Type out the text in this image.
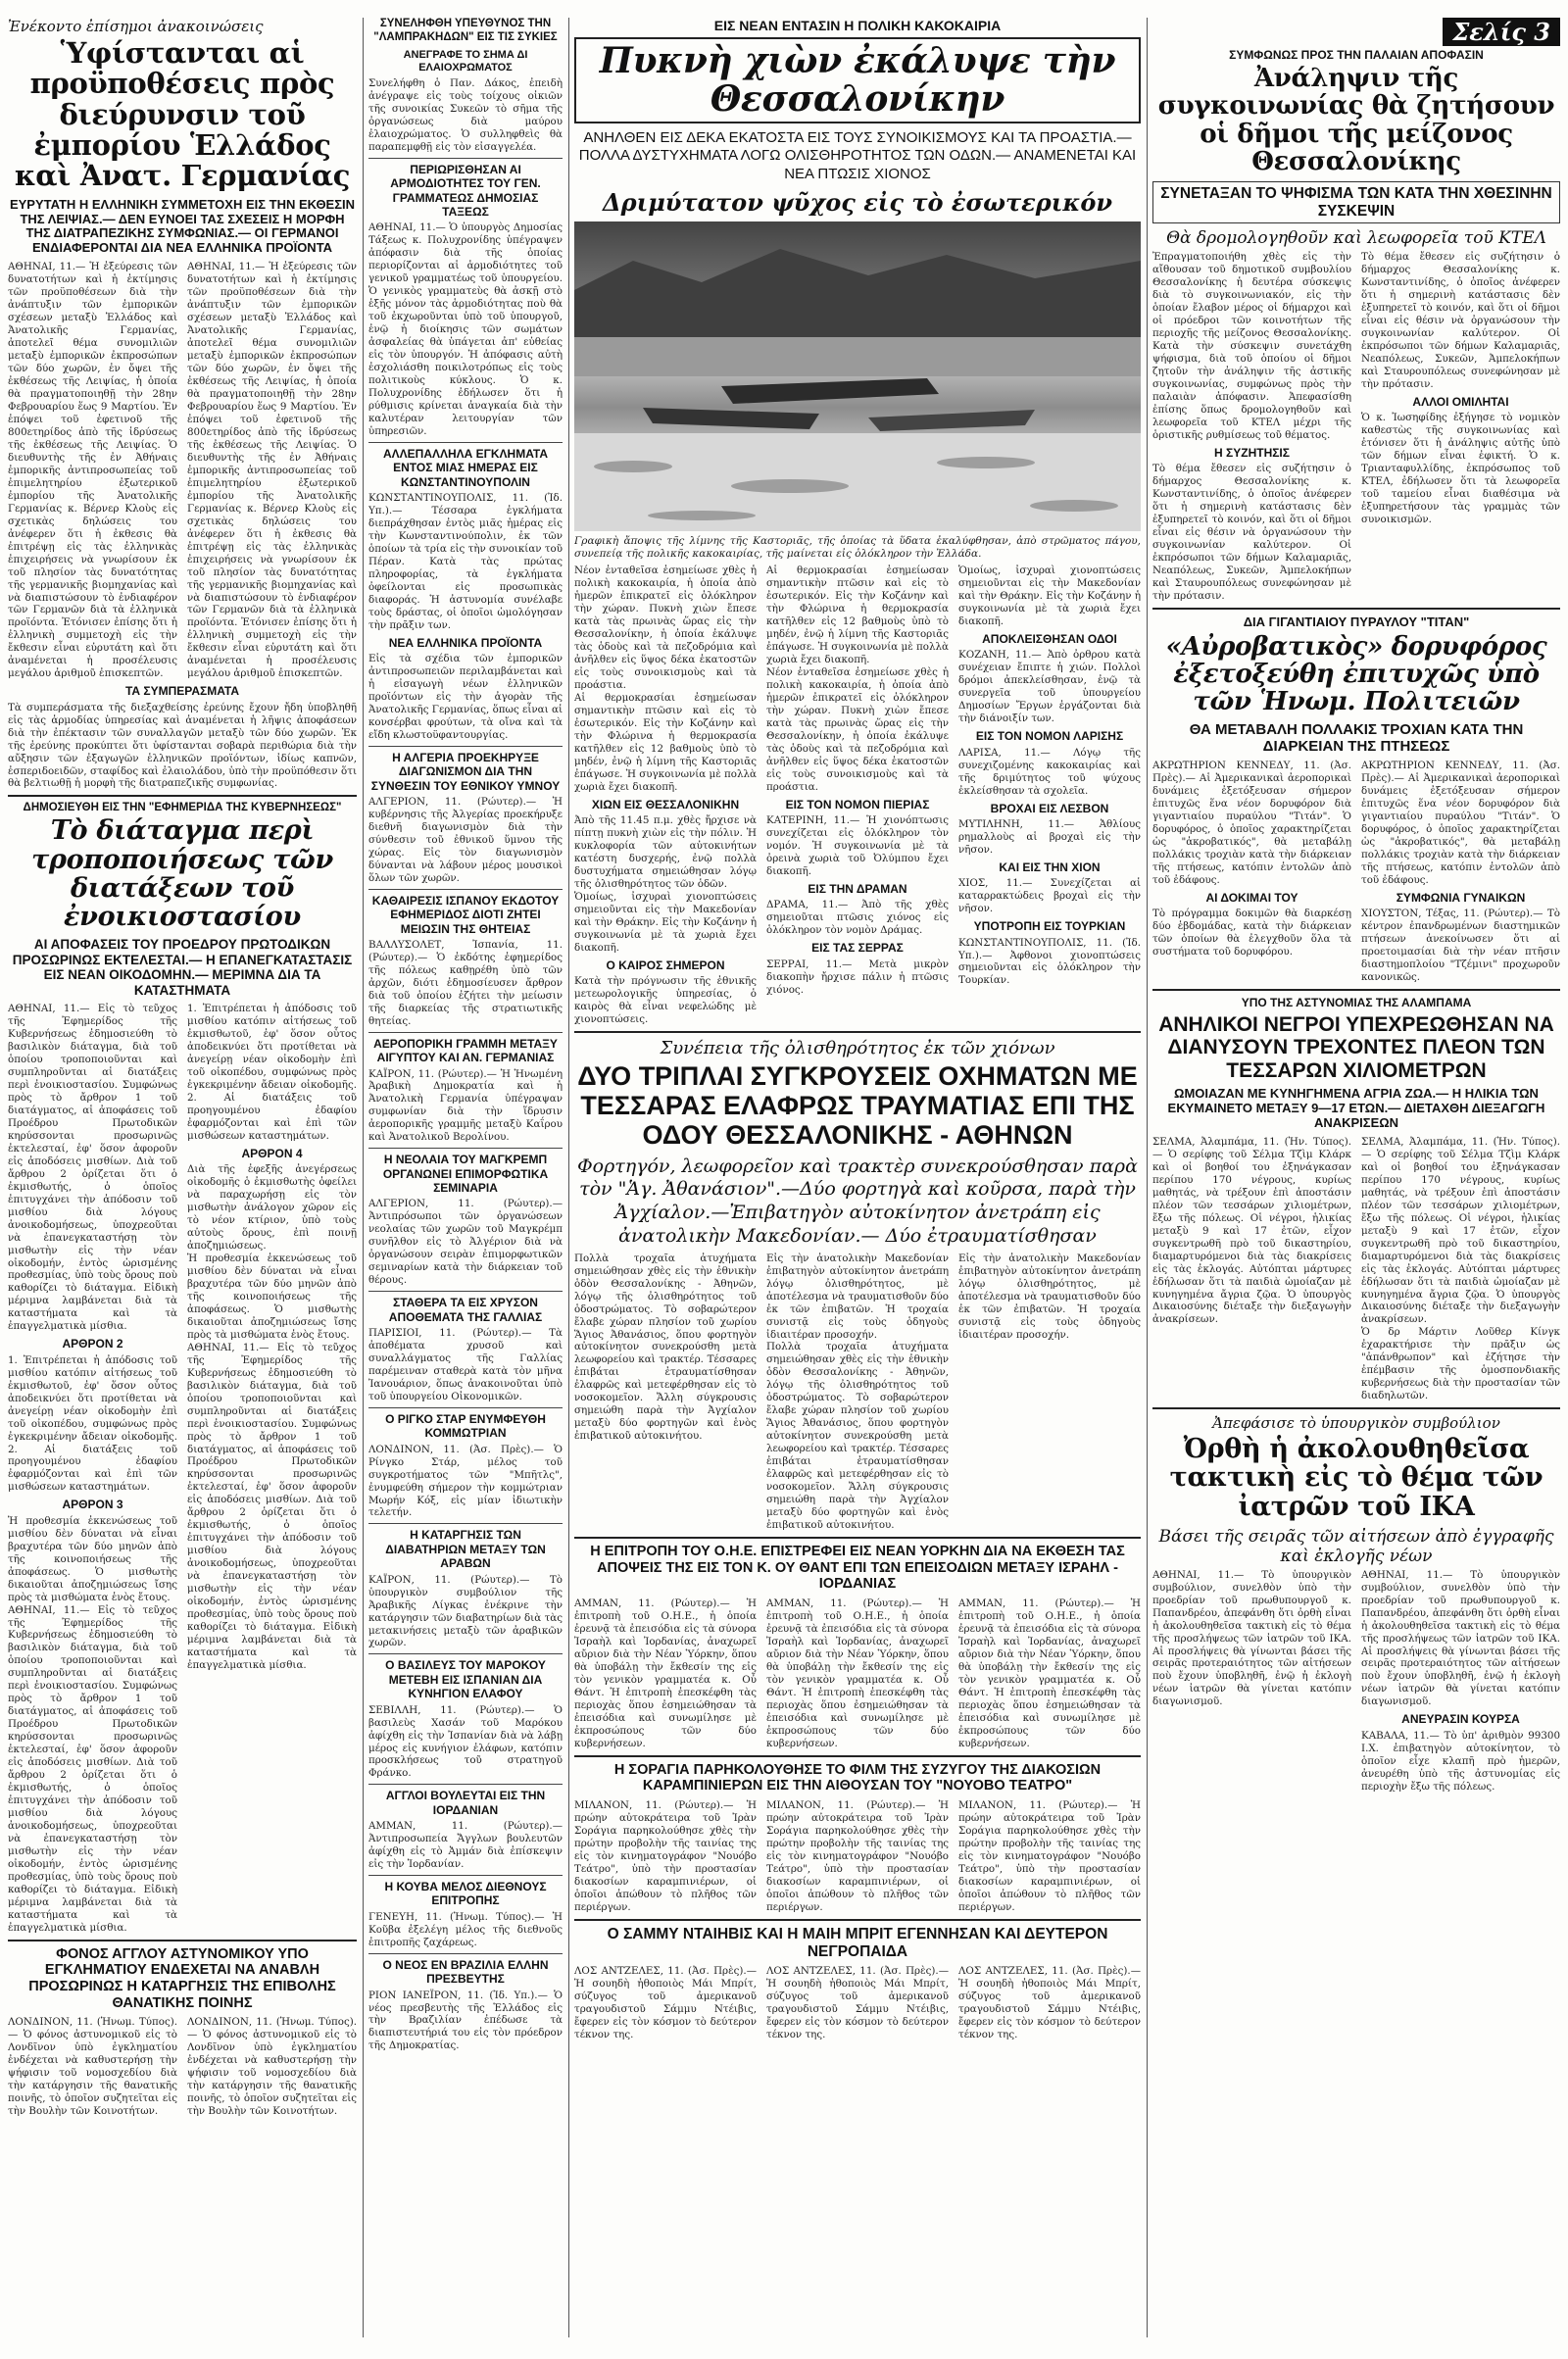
Ἐνέκοντο ἐπίσημοι ἀνακοινώσεις

Ὑφίστανται αἱ προϋποθέσεις πρὸς διεύρυνσιν τοῦ ἐμπορίου Ἑλλάδος καὶ Ἀνατ. Γερμανίας

ΕΥΡΥΤΑΤΗ Η ΕΛΛΗΝΙΚΗ ΣΥΜΜΕΤΟΧΗ ΕΙΣ ΤΗΝ ΕΚΘΕΣΙΝ ΤΗΣ ΛΕΙΨΙΑΣ.— ΔΕΝ ΕΥΝΟΕΙ ΤΑΣ ΣΧΕΣΕΙΣ Η ΜΟΡΦΗ ΤΗΣ ΔΙΑΤΡΑΠΕΖΙΚΗΣ ΣΥΜΦΩΝΙΑΣ.— ΟΙ ΓΕΡΜΑΝΟΙ ΕΝΔΙΑΦΕΡΟΝΤΑΙ ΔΙΑ ΝΕΑ ΕΛΛΗΝΙΚΑ ΠΡΟΪΟΝΤΑ

ΑΘΗΝΑΙ, 11.— Ἡ ἐξεύρεσις τῶν δυνατοτήτων καὶ ἡ ἐκτίμησις τῶν προϋποθέσεων διὰ τὴν ἀνάπτυξιν τῶν ἐμπορικῶν σχέσεων μεταξὺ Ἑλλάδος καὶ Ἀνατολικῆς Γερμανίας, ἀποτελεῖ θέμα συνομιλιῶν μεταξὺ ἐμπορικῶν ἐκπροσώπων τῶν δύο χωρῶν, ἐν ὄψει τῆς ἐκθέσεως τῆς Λειψίας, ἡ ὁποία θὰ πραγματοποιηθῇ τὴν 28ην Φεβρουαρίου ἕως 9 Μαρτίου. Ἐν ἐπόψει τοῦ ἐφετινοῦ τῆς 800ετηρίδος ἀπὸ τῆς ἱδρύσεως τῆς ἐκθέσεως τῆς Λειψίας. Ὁ διευθυντὴς τῆς ἐν Ἀθήναις ἐμπορικῆς ἀντιπροσωπείας τοῦ ἐπιμελητηρίου ἐξωτερικοῦ ἐμπορίου τῆς Ἀνατολικῆς Γερμανίας κ. Βέρνερ Κλοὺς εἰς σχετικὰς δηλώσεις του ἀνέφερεν ὅτι ἡ ἐκθεσις θὰ ἐπιτρέψῃ εἰς τὰς ἐλληνικὰς ἐπιχειρήσεις νὰ γνωρίσουν ἐκ τοῦ πλησίον τὰς δυνατότητας τῆς γερμανικῆς βιομηχανίας καὶ νὰ διαπιστώσουν τὸ ἐνδιαφέρον τῶν Γερμανῶν διὰ τὰ ἐλληνικὰ προϊόντα. Ἐτόνισεν ἐπίσης ὅτι ἡ ἐλληνικὴ συμμετοχὴ εἰς τὴν ἔκθεσιν εἶναι εὐρυτάτη καὶ ὅτι ἀναμένεται ἡ προσέλευσις μεγάλου ἀριθμοῦ ἐπισκεπτῶν.

ΑΘΗΝΑΙ, 11.— Ἡ ἐξεύρεσις τῶν δυνατοτήτων καὶ ἡ ἐκτίμησις τῶν προϋποθέσεων διὰ τὴν ἀνάπτυξιν τῶν ἐμπορικῶν σχέσεων μεταξὺ Ἑλλάδος καὶ Ἀνατολικῆς Γερμανίας, ἀποτελεῖ θέμα συνομιλιῶν μεταξὺ ἐμπορικῶν ἐκπροσώπων τῶν δύο χωρῶν, ἐν ὄψει τῆς ἐκθέσεως τῆς Λειψίας, ἡ ὁποία θὰ πραγματοποιηθῇ τὴν 28ην Φεβρουαρίου ἕως 9 Μαρτίου. Ἐν ἐπόψει τοῦ ἐφετινοῦ τῆς 800ετηρίδος ἀπὸ τῆς ἱδρύσεως τῆς ἐκθέσεως τῆς Λειψίας. Ὁ διευθυντὴς τῆς ἐν Ἀθήναις ἐμπορικῆς ἀντιπροσωπείας τοῦ ἐπιμελητηρίου ἐξωτερικοῦ ἐμπορίου τῆς Ἀνατολικῆς Γερμανίας κ. Βέρνερ Κλοὺς εἰς σχετικὰς δηλώσεις του ἀνέφερεν ὅτι ἡ ἐκθεσις θὰ ἐπιτρέψῃ εἰς τὰς ἐλληνικὰς ἐπιχειρήσεις νὰ γνωρίσουν ἐκ τοῦ πλησίον τὰς δυνατότητας τῆς γερμανικῆς βιομηχανίας καὶ νὰ διαπιστώσουν τὸ ἐνδιαφέρον τῶν Γερμανῶν διὰ τὰ ἐλληνικὰ προϊόντα. Ἐτόνισεν ἐπίσης ὅτι ἡ ἐλληνικὴ συμμετοχὴ εἰς τὴν ἔκθεσιν εἶναι εὐρυτάτη καὶ ὅτι ἀναμένεται ἡ προσέλευσις μεγάλου ἀριθμοῦ ἐπισκεπτῶν.

ΤΑ ΣΥΜΠΕΡΑΣΜΑΤΑ

Τὰ συμπεράσματα τῆς διεξαχθείσης ἐρεύνης ἔχουν ἤδη ὑποβληθῆ εἰς τὰς ἁρμοδίας ὑπηρεσίας καὶ ἀναμένεται ἡ λῆψις ἀποφάσεων διὰ τὴν ἐπέκτασιν τῶν συναλλαγῶν μεταξὺ τῶν δύο χωρῶν. Ἐκ τῆς ἐρεύνης προκύπτει ὅτι ὑφίστανται σοβαρὰ περιθώρια διὰ τὴν αὔξησιν τῶν ἐξαγωγῶν ἑλληνικῶν προϊόντων, ἰδίως καπνῶν, ἐσπεριδοειδῶν, σταφίδος καὶ ἐλαιολάδου, ὑπὸ τὴν προϋπόθεσιν ὅτι θὰ βελτιωθῇ ἡ μορφὴ τῆς διατραπεζικῆς συμφωνίας.

ΔΗΜΟΣΙΕΥΘΗ ΕΙΣ ΤΗΝ "ΕΦΗΜΕΡΙΔΑ ΤΗΣ ΚΥΒΕΡΝΗΣΕΩΣ"

Τὸ διάταγμα περὶ τροποποιήσεως τῶν διατάξεων τοῦ ἐνοικιοστασίου

ΑΙ ΑΠΟΦΑΣΕΙΣ ΤΟΥ ΠΡΟΕΔΡΟΥ ΠΡΩΤΟΔΙΚΩΝ ΠΡΟΣΩΡΙΝΩΣ ΕΚΤΕΛΕΣΤΑΙ.— Η ΕΠΑΝΕΓΚΑΤΑΣΤΑΣΙΣ ΕΙΣ ΝΕΑΝ ΟΙΚΟΔΟΜΗΝ.— ΜΕΡΙΜΝΑ ΔΙΑ ΤΑ ΚΑΤΑΣΤΗΜΑΤΑ

ΑΘΗΝΑΙ, 11.— Εἰς τὸ τεῦχος τῆς Ἐφημερίδος τῆς Κυβερνήσεως ἐδημοσιεύθη τὸ βασιλικὸν διάταγμα, διὰ τοῦ ὁποίου τροποποιοῦνται καὶ συμπληροῦνται αἱ διατάξεις περὶ ἐνοικιοστασίου. Συμφώνως πρὸς τὸ ἄρθρον 1 τοῦ διατάγματος, αἱ ἀποφάσεις τοῦ Προέδρου Πρωτοδικῶν κηρύσσονται προσωρινῶς ἐκτελεσταί, ἐφ' ὅσον ἀφοροῦν εἰς ἀποδόσεις μισθίων. Διὰ τοῦ ἄρθρου 2 ὁρίζεται ὅτι ὁ ἐκμισθωτής, ὁ ὁποῖος ἐπιτυγχάνει τὴν ἀπόδοσιν τοῦ μισθίου διὰ λόγους ἀνοικοδομήσεως, ὑποχρεοῦται νὰ ἐπανεγκαταστήσῃ τὸν μισθωτὴν εἰς τὴν νέαν οἰκοδομήν, ἐντὸς ὡρισμένης προθεσμίας, ὑπὸ τοὺς ὅρους ποὺ καθορίζει τὸ διάταγμα. Εἰδικὴ μέριμνα λαμβάνεται διὰ τὰ καταστήματα καὶ τὰ ἐπαγγελματικὰ μίσθια.

ΑΡΘΡΟΝ 2

1. Ἐπιτρέπεται ἡ ἀπόδοσις τοῦ μισθίου κατόπιν αἰτήσεως τοῦ ἐκμισθωτοῦ, ἐφ' ὅσον οὗτος ἀποδεικνύει ὅτι προτίθεται νὰ ἀνεγείρῃ νέαν οἰκοδομὴν ἐπὶ τοῦ οἰκοπέδου, συμφώνως πρὸς ἐγκεκριμένην ἄδειαν οἰκοδομῆς. 2. Αἱ διατάξεις τοῦ προηγουμένου ἐδαφίου ἐφαρμόζονται καὶ ἐπὶ τῶν μισθώσεων καταστημάτων.

ΑΡΘΡΟΝ 3

Ἡ προθεσμία ἐκκενώσεως τοῦ μισθίου δὲν δύναται νὰ εἶναι βραχυτέρα τῶν δύο μηνῶν ἀπὸ τῆς κοινοποιήσεως τῆς ἀποφάσεως. Ὁ μισθωτὴς δικαιοῦται ἀποζημιώσεως ἴσης πρὸς τὰ μισθώματα ἑνὸς ἔτους.

ΑΘΗΝΑΙ, 11.— Εἰς τὸ τεῦχος τῆς Ἐφημερίδος τῆς Κυβερνήσεως ἐδημοσιεύθη τὸ βασιλικὸν διάταγμα, διὰ τοῦ ὁποίου τροποποιοῦνται καὶ συμπληροῦνται αἱ διατάξεις περὶ ἐνοικιοστασίου. Συμφώνως πρὸς τὸ ἄρθρον 1 τοῦ διατάγματος, αἱ ἀποφάσεις τοῦ Προέδρου Πρωτοδικῶν κηρύσσονται προσωρινῶς ἐκτελεσταί, ἐφ' ὅσον ἀφοροῦν εἰς ἀποδόσεις μισθίων. Διὰ τοῦ ἄρθρου 2 ὁρίζεται ὅτι ὁ ἐκμισθωτής, ὁ ὁποῖος ἐπιτυγχάνει τὴν ἀπόδοσιν τοῦ μισθίου διὰ λόγους ἀνοικοδομήσεως, ὑποχρεοῦται νὰ ἐπανεγκαταστήσῃ τὸν μισθωτὴν εἰς τὴν νέαν οἰκοδομήν, ἐντὸς ὡρισμένης προθεσμίας, ὑπὸ τοὺς ὅρους ποὺ καθορίζει τὸ διάταγμα. Εἰδικὴ μέριμνα λαμβάνεται διὰ τὰ καταστήματα καὶ τὰ ἐπαγγελματικὰ μίσθια.

1. Ἐπιτρέπεται ἡ ἀπόδοσις τοῦ μισθίου κατόπιν αἰτήσεως τοῦ ἐκμισθωτοῦ, ἐφ' ὅσον οὗτος ἀποδεικνύει ὅτι προτίθεται νὰ ἀνεγείρῃ νέαν οἰκοδομὴν ἐπὶ τοῦ οἰκοπέδου, συμφώνως πρὸς ἐγκεκριμένην ἄδειαν οἰκοδομῆς. 2. Αἱ διατάξεις τοῦ προηγουμένου ἐδαφίου ἐφαρμόζονται καὶ ἐπὶ τῶν μισθώσεων καταστημάτων.

ΑΡΘΡΟΝ 4

Διὰ τῆς ἐφεξῆς ἀνεγέρσεως οἰκοδομῆς ὁ ἐκμισθωτὴς ὀφείλει νὰ παραχωρήσῃ εἰς τὸν μισθωτὴν ἀνάλογον χῶρον εἰς τὸ νέον κτίριον, ὑπὸ τοὺς αὐτοὺς ὅρους, ἐπὶ ποινῇ ἀποζημιώσεως.

Ἡ προθεσμία ἐκκενώσεως τοῦ μισθίου δὲν δύναται νὰ εἶναι βραχυτέρα τῶν δύο μηνῶν ἀπὸ τῆς κοινοποιήσεως τῆς ἀποφάσεως. Ὁ μισθωτὴς δικαιοῦται ἀποζημιώσεως ἴσης πρὸς τὰ μισθώματα ἑνὸς ἔτους.

ΑΘΗΝΑΙ, 11.— Εἰς τὸ τεῦχος τῆς Ἐφημερίδος τῆς Κυβερνήσεως ἐδημοσιεύθη τὸ βασιλικὸν διάταγμα, διὰ τοῦ ὁποίου τροποποιοῦνται καὶ συμπληροῦνται αἱ διατάξεις περὶ ἐνοικιοστασίου. Συμφώνως πρὸς τὸ ἄρθρον 1 τοῦ διατάγματος, αἱ ἀποφάσεις τοῦ Προέδρου Πρωτοδικῶν κηρύσσονται προσωρινῶς ἐκτελεσταί, ἐφ' ὅσον ἀφοροῦν εἰς ἀποδόσεις μισθίων. Διὰ τοῦ ἄρθρου 2 ὁρίζεται ὅτι ὁ ἐκμισθωτής, ὁ ὁποῖος ἐπιτυγχάνει τὴν ἀπόδοσιν τοῦ μισθίου διὰ λόγους ἀνοικοδομήσεως, ὑποχρεοῦται νὰ ἐπανεγκαταστήσῃ τὸν μισθωτὴν εἰς τὴν νέαν οἰκοδομήν, ἐντὸς ὡρισμένης προθεσμίας, ὑπὸ τοὺς ὅρους ποὺ καθορίζει τὸ διάταγμα. Εἰδικὴ μέριμνα λαμβάνεται διὰ τὰ καταστήματα καὶ τὰ ἐπαγγελματικὰ μίσθια.

ΦΟΝΟΣ ΑΓΓΛΟΥ ΑΣΤΥΝΟΜΙΚΟΥ ΥΠΟ ΕΓΚΛΗΜΑΤΙΟΥ ΕΝΔΕΧΕΤΑΙ ΝΑ ΑΝΑΒΛΗ ΠΡΟΣΩΡΙΝΩΣ Η ΚΑΤΑΡΓΗΣΙΣ ΤΗΣ ΕΠΙΒΟΛΗΣ ΘΑΝΑΤΙΚΗΣ ΠΟΙΝΗΣ

ΛΟΝΔΙΝΟΝ, 11. (Ἡνωμ. Τύπος).— Ὁ φόνος ἀστυνομικοῦ εἰς τὸ Λονδῖνον ὑπὸ ἐγκληματίου ἐνδέχεται νὰ καθυστερήσῃ τὴν ψήφισιν τοῦ νομοσχεδίου διὰ τὴν κατάργησιν τῆς θανατικῆς ποινῆς, τὸ ὁποῖον συζητεῖται εἰς τὴν Βουλὴν τῶν Κοινοτήτων.

ΛΟΝΔΙΝΟΝ, 11. (Ἡνωμ. Τύπος).— Ὁ φόνος ἀστυνομικοῦ εἰς τὸ Λονδῖνον ὑπὸ ἐγκληματίου ἐνδέχεται νὰ καθυστερήσῃ τὴν ψήφισιν τοῦ νομοσχεδίου διὰ τὴν κατάργησιν τῆς θανατικῆς ποινῆς, τὸ ὁποῖον συζητεῖται εἰς τὴν Βουλὴν τῶν Κοινοτήτων.

ΣΥΝΕΛΗΦΘΗ ΥΠΕΥΘΥΝΟΣ ΤΗΝ "ΛΑΜΠΡΑΚΗΔΩΝ" ΕΙΣ ΤΙΣ ΣΥΚΙΕΣ

ΑΝΕΓΡΑΦΕ ΤΟ ΣΗΜΑ ΔΙ ΕΛΑΙΟΧΡΩΜΑΤΟΣ

Συνελήφθη ὁ Παν. Δάκος, ἐπειδὴ ἀνέγραψε εἰς τοὺς τοίχους οἰκιῶν τῆς συνοικίας Συκεῶν τὸ σῆμα τῆς ὀργανώσεως διὰ μαύρου ἐλαιοχρώματος. Ὁ συλληφθεὶς θὰ παραπεμφθῇ εἰς τὸν εἰσαγγελέα.

ΠΕΡΙΩΡΙΣΘΗΣΑΝ ΑΙ ΑΡΜΟΔΙΟΤΗΤΕΣ ΤΟΥ ΓΕΝ. ΓΡΑΜΜΑΤΕΩΣ ΔΗΜΟΣΙΑΣ ΤΑΞΕΩΣ

ΑΘΗΝΑΙ, 11.— Ὁ ὑπουργὸς Δημοσίας Τάξεως κ. Πολυχρονίδης ὑπέγραψεν ἀπόφασιν διὰ τῆς ὁποίας περιορίζονται αἱ ἁρμοδιότητες τοῦ γενικοῦ γραμματέως τοῦ ὑπουργείου. Ὁ γενικὸς γραμματεὺς θὰ ἀσκῇ στὸ ἑξῆς μόνον τὰς ἁρμοδιότητας ποὺ θὰ τοῦ ἐκχωροῦνται ὑπὸ τοῦ ὑπουργοῦ, ἐνῷ ἡ διοίκησις τῶν σωμάτων ἀσφαλείας θὰ ὑπάγεται ἀπ' εὐθείας εἰς τὸν ὑπουργόν. Ἡ ἀπόφασις αὐτὴ ἐσχολιάσθη ποικιλοτρόπως εἰς τοὺς πολιτικοὺς κύκλους. Ὁ κ. Πολυχρονίδης ἐδήλωσεν ὅτι ἡ ρύθμισις κρίνεται ἀναγκαία διὰ τὴν καλυτέραν λειτουργίαν τῶν ὑπηρεσιῶν.

ΑΛΛΕΠΑΛΛΗΛΑ ΕΓΚΛΗΜΑΤΑ ΕΝΤΟΣ ΜΙΑΣ ΗΜΕΡΑΣ ΕΙΣ ΚΩΝΣΤΑΝΤΙΝΟΥΠΟΛΙΝ

ΚΩΝΣΤΑΝΤΙΝΟΥΠΟΛΙΣ, 11. (Ἰδ. Υπ.).— Τέσσαρα ἐγκλήματα διεπράχθησαν ἐντὸς μιᾶς ἡμέρας εἰς τὴν Κωνσταντινούπολιν, ἐκ τῶν ὁποίων τὰ τρία εἰς τὴν συνοικίαν τοῦ Πέραν. Κατὰ τὰς πρώτας πληροφορίας, τὰ ἐγκλήματα ὀφείλονται εἰς προσωπικὰς διαφοράς. Ἡ ἀστυνομία συνέλαβε τοὺς δράστας, οἱ ὁποῖοι ὡμολόγησαν τὴν πρᾶξιν των.

ΝΕΑ ΕΛΛΗΝΙΚΑ ΠΡΟΪΟΝΤΑ

Εἰς τὰ σχέδια τῶν ἐμπορικῶν ἀντιπροσωπειῶν περιλαμβάνεται καὶ ἡ εἰσαγωγὴ νέων ἑλληνικῶν προϊόντων εἰς τὴν ἀγορὰν τῆς Ἀνατολικῆς Γερμανίας, ὅπως εἶναι αἱ κονσέρβαι φρούτων, τὰ οἴνα καὶ τὰ εἴδη κλωστοϋφαντουργίας.

Η ΑΛΓΕΡΙΑ ΠΡΟΕΚΗΡΥΞΕ ΔΙΑΓΩΝΙΣΜΟΝ ΔΙΑ ΤΗΝ ΣΥΝΘΕΣΙΝ ΤΟΥ ΕΘΝΙΚΟΥ ΥΜΝΟΥ

ΑΛΓΕΡΙΟΝ, 11. (Ρώυτερ).— Ἡ κυβέρνησις τῆς Ἀλγερίας προεκήρυξε διεθνῆ διαγωνισμὸν διὰ τὴν σύνθεσιν τοῦ ἐθνικοῦ ὕμνου τῆς χώρας. Εἰς τὸν διαγωνισμὸν δύνανται νὰ λάβουν μέρος μουσικοὶ ὅλων τῶν χωρῶν.

ΚΑΘΑΙΡΕΣΙΣ ΙΣΠΑΝΟΥ ΕΚΔΟΤΟΥ ΕΦΗΜΕΡΙΔΟΣ ΔΙΟΤΙ ΖΗΤΕΙ ΜΕΙΩΣΙΝ ΤΗΣ ΘΗΤΕΙΑΣ

ΒΑΛΛΥΣΟΛΕΤ, Ἰσπανία, 11. (Ρώυτερ).— Ὁ ἐκδότης ἐφημερίδος τῆς πόλεως καθῃρέθη ὑπὸ τῶν ἀρχῶν, διότι ἐδημοσίευσεν ἄρθρον διὰ τοῦ ὁποίου ἐζήτει τὴν μείωσιν τῆς διαρκείας τῆς στρατιωτικῆς θητείας.

ΑΕΡΟΠΟΡΙΚΗ ΓΡΑΜΜΗ ΜΕΤΑΞΥ ΑΙΓΥΠΤΟΥ ΚΑΙ ΑΝ. ΓΕΡΜΑΝΙΑΣ

ΚΑΪΡΟΝ, 11. (Ρώυτερ).— Ἡ Ἡνωμένη Ἀραβικὴ Δημοκρατία καὶ ἡ Ἀνατολικὴ Γερμανία ὑπέγραψαν συμφωνίαν διὰ τὴν ἵδρυσιν ἀεροπορικῆς γραμμῆς μεταξὺ Καΐρου καὶ Ἀνατολικοῦ Βερολίνου.

Η ΝΕΟΛΑΙΑ ΤΟΥ ΜΑΓΚΡΕΜΠ ΟΡΓΑΝΩΝΕΙ ΕΠΙΜΟΡΦΩΤΙΚΑ ΣΕΜΙΝΑΡΙΑ

ΑΛΓΕΡΙΟΝ, 11. (Ρώυτερ).— Ἀντιπρόσωποι τῶν ὀργανώσεων νεολαίας τῶν χωρῶν τοῦ Μαγκρέμπ συνῆλθον εἰς τὸ Ἀλγέριον διὰ νὰ ὀργανώσουν σειρὰν ἐπιμορφωτικῶν σεμιναρίων κατὰ τὴν διάρκειαν τοῦ θέρους.

ΣΤΑΘΕΡΑ ΤΑ ΕΙΣ ΧΡΥΣΟΝ ΑΠΟΘΕΜΑΤΑ ΤΗΣ ΓΑΛΛΙΑΣ

ΠΑΡΙΣΙΟΙ, 11. (Ρώυτερ).— Τὰ ἀποθέματα χρυσοῦ καὶ συναλλάγματος τῆς Γαλλίας παρέμειναν σταθερὰ κατὰ τὸν μῆνα Ἰανουάριον, ὅπως ἀνακοινοῦται ὑπὸ τοῦ ὑπουργείου Οἰκονομικῶν.

Ο ΡΙΓΚΟ ΣΤΑΡ ΕΝΥΜΦΕΥΘΗ ΚΟΜΜΩΤΡΙΑΝ

ΛΟΝΔΙΝΟΝ, 11. (Ἀσ. Πρὲς).— Ὁ Ρίνγκο Στάρ, μέλος τοῦ συγκροτήματος τῶν "Μπῆτλς", ἐνυμφεύθη σήμερον τὴν κομμώτριαν Μωρήν Κόξ, εἰς μίαν ἰδιωτικὴν τελετήν.

Η ΚΑΤΑΡΓΗΣΙΣ ΤΩΝ ΔΙΑΒΑΤΗΡΙΩΝ ΜΕΤΑΞΥ ΤΩΝ ΑΡΑΒΩΝ

ΚΑΪΡΟΝ, 11. (Ρώυτερ).— Τὸ ὑπουργικὸν συμβούλιον τῆς Ἀραβικῆς Λίγκας ἐνέκρινε τὴν κατάργησιν τῶν διαβατηρίων διὰ τὰς μετακινήσεις μεταξὺ τῶν ἀραβικῶν χωρῶν.

Ο ΒΑΣΙΛΕΥΣ ΤΟΥ ΜΑΡΟΚΟΥ ΜΕΤΕΒΗ ΕΙΣ ΙΣΠΑΝΙΑΝ ΔΙΑ ΚΥΝΗΓΙΟΝ ΕΛΑΦΟΥ

ΣΕΒΙΛΛΗ, 11. (Ρώυτερ).— Ὁ βασιλεὺς Χασάν τοῦ Μαρόκου ἀφίχθη εἰς τὴν Ἰσπανίαν διὰ νὰ λάβῃ μέρος εἰς κυνήγιον ἐλάφων, κατόπιν προσκλήσεως τοῦ στρατηγοῦ Φράνκο.

ΑΓΓΛΟΙ ΒΟΥΛΕΥΤΑΙ ΕΙΣ ΤΗΝ ΙΟΡΔΑΝΙΑΝ

ΑΜΜΑΝ, 11. (Ρώυτερ).— Ἀντιπροσωπεία Ἄγγλων βουλευτῶν ἀφίχθη εἰς τὸ Ἀμμάν διὰ ἐπίσκεψιν εἰς τὴν Ἰορδανίαν.

Η ΚΟΥΒΑ ΜΕΛΟΣ ΔΙΕΘΝΟΥΣ ΕΠΙΤΡΟΠΗΣ

ΓΕΝΕΥΗ, 11. (Ἡνωμ. Τύπος).— Ἡ Κοῦβα ἐξελέγη μέλος τῆς διεθνοῦς ἐπιτροπῆς ζαχάρεως.

Ο ΝΕΟΣ ΕΝ ΒΡΑΖΙΛΙΑ ΕΛΛΗΝ ΠΡΕΣΒΕΥΤΗΣ

ΡΙΟΝ ΙΑΝΕΪΡΟΝ, 11. (Ἰδ. Υπ.).— Ὁ νέος πρεσβευτὴς τῆς Ἑλλάδος εἰς τὴν Βραζιλίαν ἐπέδωσε τὰ διαπιστευτήριά του εἰς τὸν πρόεδρον τῆς Δημοκρατίας.

ΕΙΣ ΝΕΑΝ ΕΝΤΑΣΙΝ Η ΠΟΛΙΚΗ ΚΑΚΟΚΑΙΡΙΑ

Πυκνὴ χιὼν ἐκάλυψε τὴν Θεσσαλονίκην

ΑΝΗΛΘΕΝ ΕΙΣ ΔΕΚΑ ΕΚΑΤΟΣΤΑ ΕΙΣ ΤΟΥΣ ΣΥΝΟΙΚΙΣΜΟΥΣ ΚΑΙ ΤΑ ΠΡΟΑΣΤΙΑ.— ΠΟΛΛΑ ΔΥΣΤΥΧΗΜΑΤΑ ΛΟΓΩ ΟΛΙΣΘΗΡΟΤΗΤΟΣ ΤΩΝ ΟΔΩΝ.— ΑΝΑΜΕΝΕΤΑΙ ΚΑΙ ΝΕΑ ΠΤΩΣΙΣ ΧΙΟΝΟΣ

Δριμύτατον ψῦχος εἰς τὸ ἐσωτερικόν

Γραφικὴ ἄποψις τῆς λίμνης τῆς Καστοριᾶς, τῆς ὁποίας τὰ ὕδατα ἐκαλύφθησαν, ἀπὸ στρῶματος πάγου, συνεπείᾳ τῆς πολικῆς κακοκαιρίας, τῆς μαίνεται εἰς ὁλόκληρον τὴν Ἑλλάδα.

Νέον ἐνταθεῖσα ἐσημείωσε χθὲς ἡ πολικὴ κακοκαιρία, ἡ ὁποία ἀπὸ ἡμερῶν ἐπικρατεῖ εἰς ὁλόκληρον τὴν χώραν. Πυκνὴ χιὼν ἔπεσε κατὰ τὰς πρωινὰς ὥρας εἰς τὴν Θεσσαλονίκην, ἡ ὁποία ἐκάλυψε τὰς ὁδοὺς καὶ τὰ πεζοδρόμια καὶ ἀνῆλθεν εἰς ὕψος δέκα ἑκατοστῶν εἰς τοὺς συνοικισμοὺς καὶ τὰ προάστια.

Αἱ θερμοκρασίαι ἐσημείωσαν σημαντικὴν πτῶσιν καὶ εἰς τὸ ἐσωτερικόν. Εἰς τὴν Κοζάνην καὶ τὴν Φλώρινα ἡ θερμοκρασία κατῆλθεν εἰς 12 βαθμοὺς ὑπὸ τὸ μηδέν, ἐνῷ ἡ λίμνη τῆς Καστοριᾶς ἐπάγωσε. Ἡ συγκοινωνία μὲ πολλὰ χωριὰ ἔχει διακοπῆ.

ΧΙΩΝ ΕΙΣ ΘΕΣΣΑΛΟΝΙΚΗΝ

Ἀπὸ τῆς 11.45 π.μ. χθὲς ἤρχισε νὰ πίπτῃ πυκνὴ χιὼν εἰς τὴν πόλιν. Ἡ κυκλοφορία τῶν αὐτοκινήτων κατέστη δυσχερής, ἐνῷ πολλὰ δυστυχήματα σημειώθησαν λόγῳ τῆς ὀλισθηρότητος τῶν ὁδῶν.

Ὁμοίως, ἰσχυραὶ χιονοπτώσεις σημειοῦνται εἰς τὴν Μακεδονίαν καὶ τὴν Θράκην. Εἰς τὴν Κοζάνην ἡ συγκοινωνία μὲ τὰ χωριὰ ἔχει διακοπῆ.

Ο ΚΑΙΡΟΣ ΣΗΜΕΡΟΝ

Κατὰ τὴν πρόγνωσιν τῆς ἐθνικῆς μετεωρολογικῆς ὑπηρεσίας, ὁ καιρὸς θὰ εἶναι νεφελώδης μὲ χιονοπτώσεις.

Αἱ θερμοκρασίαι ἐσημείωσαν σημαντικὴν πτῶσιν καὶ εἰς τὸ ἐσωτερικόν. Εἰς τὴν Κοζάνην καὶ τὴν Φλώρινα ἡ θερμοκρασία κατῆλθεν εἰς 12 βαθμοὺς ὑπὸ τὸ μηδέν, ἐνῷ ἡ λίμνη τῆς Καστοριᾶς ἐπάγωσε. Ἡ συγκοινωνία μὲ πολλὰ χωριὰ ἔχει διακοπῆ.

Νέον ἐνταθεῖσα ἐσημείωσε χθὲς ἡ πολικὴ κακοκαιρία, ἡ ὁποία ἀπὸ ἡμερῶν ἐπικρατεῖ εἰς ὁλόκληρον τὴν χώραν. Πυκνὴ χιὼν ἔπεσε κατὰ τὰς πρωινὰς ὥρας εἰς τὴν Θεσσαλονίκην, ἡ ὁποία ἐκάλυψε τὰς ὁδοὺς καὶ τὰ πεζοδρόμια καὶ ἀνῆλθεν εἰς ὕψος δέκα ἑκατοστῶν εἰς τοὺς συνοικισμοὺς καὶ τὰ προάστια.

ΕΙΣ ΤΟΝ ΝΟΜΟΝ ΠΙΕΡΙΑΣ

ΚΑΤΕΡΙΝΗ, 11.— Ἡ χιονόπτωσις συνεχίζεται εἰς ὁλόκληρον τὸν νομόν. Ἡ συγκοινωνία μὲ τὰ ὀρεινὰ χωριὰ τοῦ Ὀλύμπου ἔχει διακοπῆ.

ΕΙΣ ΤΗΝ ΔΡΑΜΑΝ

ΔΡΑΜΑ, 11.— Ἀπὸ τῆς χθὲς σημειοῦται πτῶσις χιόνος εἰς ὁλόκληρον τὸν νομὸν Δράμας.

ΕΙΣ ΤΑΣ ΣΕΡΡΑΣ

ΣΕΡΡΑΙ, 11.— Μετὰ μικρὸν διακοπὴν ἤρχισε πάλιν ἡ πτῶσις χιόνος.

Ὁμοίως, ἰσχυραὶ χιονοπτώσεις σημειοῦνται εἰς τὴν Μακεδονίαν καὶ τὴν Θράκην. Εἰς τὴν Κοζάνην ἡ συγκοινωνία μὲ τὰ χωριὰ ἔχει διακοπῆ.

ΑΠΟΚΛΕΙΣΘΗΣΑΝ ΟΔΟΙ

ΚΟΖΑΝΗ, 11.— Ἀπὸ ὀρθρου κατὰ συνέχειαν ἔπιπτε ἡ χιών. Πολλοὶ δρόμοι ἀπεκλείσθησαν, ἐνῷ τὰ συνεργεῖα τοῦ ὑπουργείου Δημοσίων Ἔργων ἐργάζονται διὰ τὴν διάνοιξίν των.

ΕΙΣ ΤΟΝ ΝΟΜΟΝ ΛΑΡΙΣΗΣ

ΛΑΡΙΣΑ, 11.— Λόγῳ τῆς συνεχιζομένης κακοκαιρίας καὶ τῆς δριμύτητος τοῦ ψύχους ἐκλείσθησαν τὰ σχολεῖα.

ΒΡΟΧΑΙ ΕΙΣ ΛΕΣΒΟΝ

ΜΥΤΙΛΗΝΗ, 11.— Ἀθλίους ρημαλλοὺς αἱ βροχαὶ εἰς τὴν νῆσον.

ΚΑΙ ΕΙΣ ΤΗΝ ΧΙΟΝ

ΧΙΟΣ, 11.— Συνεχίζεται αἱ καταρρακτώδεις βροχαὶ εἰς τὴν νῆσον.

ΥΠΟΤΡΟΠΗ ΕΙΣ ΤΟΥΡΚΙΑΝ

ΚΩΝΣΤΑΝΤΙΝΟΥΠΟΛΙΣ, 11. (Ἰδ. Υπ.).— Ἀφθονοι χιονοπτώσεις σημειοῦνται εἰς ὁλόκληρον τὴν Τουρκίαν.

Συνέπεια τῆς ὀλισθηρότητος ἐκ τῶν χιόνων

ΔΥΟ ΤΡΙΠΛΑΙ ΣΥΓΚΡΟΥΣΕΙΣ ΟΧΗΜΑΤΩΝ ΜΕ ΤΕΣΣΑΡΑΣ ΕΛΑΦΡΩΣ ΤΡΑΥΜΑΤΙΑΣ ΕΠΙ ΤΗΣ ΟΔΟΥ ΘΕΣΣΑΛΟΝΙΚΗΣ - ΑΘΗΝΩΝ

Φορτηγόν, λεωφορεῖον καὶ τρακτὲρ συνεκρούσθησαν παρὰ τὸν "Ἁγ. Ἀθανάσιον".—Δύο φορτηγὰ καὶ κοῦρσα, παρὰ τὴν Ἀγχίαλον.—Ἐπιβατηγὸν αὐτοκίνητον ἀνετράπη εἰς ἀνατολικὴν Μακεδονίαν.— Δύο ἐτραυματίσθησαν

Πολλὰ τροχαῖα ἀτυχήματα σημειώθησαν χθὲς εἰς τὴν ἐθνικὴν ὁδὸν Θεσσαλονίκης - Ἀθηνῶν, λόγῳ τῆς ὀλισθηρότητος τοῦ ὁδοστρώματος. Τὸ σοβαρώτερον ἔλαβε χώραν πλησίον τοῦ χωρίου Ἅγιος Ἀθανάσιος, ὅπου φορτηγὸν αὐτοκίνητον συνεκρούσθη μετὰ λεωφορείου καὶ τρακτέρ. Τέσσαρες ἐπιβάται ἐτραυματίσθησαν ἐλαφρῶς καὶ μετεφέρθησαν εἰς τὸ νοσοκομεῖον. Ἄλλη σύγκρουσις σημειώθη παρὰ τὴν Ἀγχίαλον μεταξὺ δύο φορτηγῶν καὶ ἑνὸς ἐπιβατικοῦ αὐτοκινήτου.

Εἰς τὴν ἀνατολικὴν Μακεδονίαν ἐπιβατηγὸν αὐτοκίνητον ἀνετράπη λόγῳ ὀλισθηρότητος, μὲ ἀποτέλεσμα νὰ τραυματισθοῦν δύο ἐκ τῶν ἐπιβατῶν. Ἡ τροχαία συνιστᾷ εἰς τοὺς ὁδηγοὺς ἰδιαιτέραν προσοχήν.

Πολλὰ τροχαῖα ἀτυχήματα σημειώθησαν χθὲς εἰς τὴν ἐθνικὴν ὁδὸν Θεσσαλονίκης - Ἀθηνῶν, λόγῳ τῆς ὀλισθηρότητος τοῦ ὁδοστρώματος. Τὸ σοβαρώτερον ἔλαβε χώραν πλησίον τοῦ χωρίου Ἅγιος Ἀθανάσιος, ὅπου φορτηγὸν αὐτοκίνητον συνεκρούσθη μετὰ λεωφορείου καὶ τρακτέρ. Τέσσαρες ἐπιβάται ἐτραυματίσθησαν ἐλαφρῶς καὶ μετεφέρθησαν εἰς τὸ νοσοκομεῖον. Ἄλλη σύγκρουσις σημειώθη παρὰ τὴν Ἀγχίαλον μεταξὺ δύο φορτηγῶν καὶ ἑνὸς ἐπιβατικοῦ αὐτοκινήτου.

Εἰς τὴν ἀνατολικὴν Μακεδονίαν ἐπιβατηγὸν αὐτοκίνητον ἀνετράπη λόγῳ ὀλισθηρότητος, μὲ ἀποτέλεσμα νὰ τραυματισθοῦν δύο ἐκ τῶν ἐπιβατῶν. Ἡ τροχαία συνιστᾷ εἰς τοὺς ὁδηγοὺς ἰδιαιτέραν προσοχήν.

Η ΕΠΙΤΡΟΠΗ ΤΟΥ Ο.Η.Ε. ΕΠΙΣΤΡΕΦΕΙ ΕΙΣ ΝΕΑΝ ΥΟΡΚΗΝ ΔΙΑ ΝΑ ΕΚΘΕΣΗ ΤΑΣ ΑΠΟΨΕΙΣ ΤΗΣ ΕΙΣ ΤΟΝ Κ. ΟΥ ΘΑΝΤ ΕΠΙ ΤΩΝ ΕΠΕΙΣΟΔΙΩΝ ΜΕΤΑΞΥ ΙΣΡΑΗΛ - ΙΟΡΔΑΝΙΑΣ

ΑΜΜΑΝ, 11. (Ρώυτερ).— Ἡ ἐπιτροπὴ τοῦ Ο.Η.Ε., ἡ ὁποία ἐρευνᾷ τὰ ἐπεισόδια εἰς τὰ σύνορα Ἰσραὴλ καὶ Ἰορδανίας, ἀναχωρεῖ αὔριον διὰ τὴν Νέαν Ὑόρκην, ὅπου θὰ ὑποβάλῃ τὴν ἔκθεσίν της εἰς τὸν γενικὸν γραμματέα κ. Οὖ Θάντ. Ἡ ἐπιτροπὴ ἐπεσκέφθη τὰς περιοχὰς ὅπου ἐσημειώθησαν τὰ ἐπεισόδια καὶ συνωμίλησε μὲ ἐκπροσώπους τῶν δύο κυβερνήσεων.

ΑΜΜΑΝ, 11. (Ρώυτερ).— Ἡ ἐπιτροπὴ τοῦ Ο.Η.Ε., ἡ ὁποία ἐρευνᾷ τὰ ἐπεισόδια εἰς τὰ σύνορα Ἰσραὴλ καὶ Ἰορδανίας, ἀναχωρεῖ αὔριον διὰ τὴν Νέαν Ὑόρκην, ὅπου θὰ ὑποβάλῃ τὴν ἔκθεσίν της εἰς τὸν γενικὸν γραμματέα κ. Οὖ Θάντ. Ἡ ἐπιτροπὴ ἐπεσκέφθη τὰς περιοχὰς ὅπου ἐσημειώθησαν τὰ ἐπεισόδια καὶ συνωμίλησε μὲ ἐκπροσώπους τῶν δύο κυβερνήσεων.

ΑΜΜΑΝ, 11. (Ρώυτερ).— Ἡ ἐπιτροπὴ τοῦ Ο.Η.Ε., ἡ ὁποία ἐρευνᾷ τὰ ἐπεισόδια εἰς τὰ σύνορα Ἰσραὴλ καὶ Ἰορδανίας, ἀναχωρεῖ αὔριον διὰ τὴν Νέαν Ὑόρκην, ὅπου θὰ ὑποβάλῃ τὴν ἔκθεσίν της εἰς τὸν γενικὸν γραμματέα κ. Οὖ Θάντ. Ἡ ἐπιτροπὴ ἐπεσκέφθη τὰς περιοχὰς ὅπου ἐσημειώθησαν τὰ ἐπεισόδια καὶ συνωμίλησε μὲ ἐκπροσώπους τῶν δύο κυβερνήσεων.

Η ΣΟΡΑΓΙΑ ΠΑΡΗΚΟΛΟΥΘΗΣΕ ΤΟ ΦΙΛΜ ΤΗΣ ΣΥΖΥΓΟΥ ΤΗΣ ΔΙΑΚΟΣΙΩΝ ΚΑΡΑΜΠΙΝΙΕΡΩΝ ΕΙΣ ΤΗΝ ΑΙΘΟΥΣΑΝ ΤΟΥ "ΝΟΥΟΒΟ ΤΕΑΤΡΟ"

ΜΙΛΑΝΟΝ, 11. (Ρώυτερ).— Ἡ πρώην αὐτοκράτειρα τοῦ Ἰρὰν Σοράγια παρηκολούθησε χθὲς τὴν πρώτην προβολὴν τῆς ταινίας της εἰς τὸν κινηματογράφον "Νουόβο Τεάτρο", ὑπὸ τὴν προστασίαν διακοσίων καραμπινιέρων, οἱ ὁποῖοι ἀπώθουν τὸ πλῆθος τῶν περιέργων.

ΜΙΛΑΝΟΝ, 11. (Ρώυτερ).— Ἡ πρώην αὐτοκράτειρα τοῦ Ἰρὰν Σοράγια παρηκολούθησε χθὲς τὴν πρώτην προβολὴν τῆς ταινίας της εἰς τὸν κινηματογράφον "Νουόβο Τεάτρο", ὑπὸ τὴν προστασίαν διακοσίων καραμπινιέρων, οἱ ὁποῖοι ἀπώθουν τὸ πλῆθος τῶν περιέργων.

ΜΙΛΑΝΟΝ, 11. (Ρώυτερ).— Ἡ πρώην αὐτοκράτειρα τοῦ Ἰρὰν Σοράγια παρηκολούθησε χθὲς τὴν πρώτην προβολὴν τῆς ταινίας της εἰς τὸν κινηματογράφον "Νουόβο Τεάτρο", ὑπὸ τὴν προστασίαν διακοσίων καραμπινιέρων, οἱ ὁποῖοι ἀπώθουν τὸ πλῆθος τῶν περιέργων.

Ο ΣΑΜΜΥ ΝΤΑΙΗΒΙΣ ΚΑΙ Η ΜΑΙΗ ΜΠΡΙΤ ΕΓΕΝΝΗΣΑΝ ΚΑΙ ΔΕΥΤΕΡΟΝ ΝΕΓΡΟΠΑΙΔΑ

ΛΟΣ ΑΝΤΖΕΛΕΣ, 11. (Ἀσ. Πρὲς).— Ἡ σουηδὴ ἠθοποιὸς Μάι Μπρίτ, σύζυγος τοῦ ἀμερικανοῦ τραγουδιστοῦ Σάμμυ Ντέιβις, ἔφερεν εἰς τὸν κόσμον τὸ δεύτερον τέκνον της.

ΛΟΣ ΑΝΤΖΕΛΕΣ, 11. (Ἀσ. Πρὲς).— Ἡ σουηδὴ ἠθοποιὸς Μάι Μπρίτ, σύζυγος τοῦ ἀμερικανοῦ τραγουδιστοῦ Σάμμυ Ντέιβις, ἔφερεν εἰς τὸν κόσμον τὸ δεύτερον τέκνον της.

ΛΟΣ ΑΝΤΖΕΛΕΣ, 11. (Ἀσ. Πρὲς).— Ἡ σουηδὴ ἠθοποιὸς Μάι Μπρίτ, σύζυγος τοῦ ἀμερικανοῦ τραγουδιστοῦ Σάμμυ Ντέιβις, ἔφερεν εἰς τὸν κόσμον τὸ δεύτερον τέκνον της.

Σελίς 3

ΣΥΜΦΩΝΩΣ ΠΡΟΣ ΤΗΝ ΠΑΛΑΙΑΝ ΑΠΟΦΑΣΙΝ

Ἀνάληψιν τῆς συγκοινωνίας θὰ ζητήσουν οἱ δῆμοι τῆς μείζονος Θεσσαλονίκης

ΣΥΝΕΤΑΞΑΝ ΤΟ ΨΗΦΙΣΜΑ ΤΩΝ ΚΑΤΑ ΤΗΝ ΧΘΕΣΙΝΗΝ ΣΥΣΚΕΨΙΝ

Θὰ δρομολογηθοῦν καὶ λεωφορεῖα τοῦ ΚΤΕΛ

Ἐπραγματοποιήθη χθὲς εἰς τὴν αἴθουσαν τοῦ δημοτικοῦ συμβουλίου Θεσσαλονίκης ἡ δευτέρα σύσκεψις διὰ τὸ συγκοινωνιακόν, εἰς τὴν ὁποίαν ἔλαβον μέρος οἱ δήμαρχοι καὶ οἱ πρόεδροι τῶν κοινοτήτων τῆς περιοχῆς τῆς μείζονος Θεσσαλονίκης. Κατὰ τὴν σύσκεψιν συνετάχθη ψήφισμα, διὰ τοῦ ὁποίου οἱ δῆμοι ζητοῦν τὴν ἀνάληψιν τῆς ἀστικῆς συγκοινωνίας, συμφώνως πρὸς τὴν παλαιὰν ἀπόφασιν. Ἀπεφασίσθη ἐπίσης ὅπως δρομολογηθοῦν καὶ λεωφορεῖα τοῦ ΚΤΕΛ μέχρι τῆς ὁριστικῆς ρυθμίσεως τοῦ θέματος.

Η ΣΥΖΗΤΗΣΙΣ

Τὸ θέμα ἔθεσεν εἰς συζήτησιν ὁ δήμαρχος Θεσσαλονίκης κ. Κωνσταντινίδης, ὁ ὁποῖος ἀνέφερεν ὅτι ἡ σημερινὴ κατάστασις δὲν ἐξυπηρετεῖ τὸ κοινόν, καὶ ὅτι οἱ δῆμοι εἶναι εἰς θέσιν νὰ ὀργανώσουν τὴν συγκοινωνίαν καλύτερον. Οἱ ἐκπρόσωποι τῶν δήμων Καλαμαριᾶς, Νεαπόλεως, Συκεῶν, Ἀμπελοκήπων καὶ Σταυρουπόλεως συνεφώνησαν μὲ τὴν πρότασιν.

Τὸ θέμα ἔθεσεν εἰς συζήτησιν ὁ δήμαρχος Θεσσαλονίκης κ. Κωνσταντινίδης, ὁ ὁποῖος ἀνέφερεν ὅτι ἡ σημερινὴ κατάστασις δὲν ἐξυπηρετεῖ τὸ κοινόν, καὶ ὅτι οἱ δῆμοι εἶναι εἰς θέσιν νὰ ὀργανώσουν τὴν συγκοινωνίαν καλύτερον. Οἱ ἐκπρόσωποι τῶν δήμων Καλαμαριᾶς, Νεαπόλεως, Συκεῶν, Ἀμπελοκήπων καὶ Σταυρουπόλεως συνεφώνησαν μὲ τὴν πρότασιν.

ΑΛΛΟΙ ΟΜΙΛΗΤΑΙ

Ὁ κ. Ἰωσηφίδης ἐξήγησε τὸ νομικὸν καθεστὼς τῆς συγκοινωνίας καὶ ἐτόνισεν ὅτι ἡ ἀνάληψις αὐτῆς ὑπὸ τῶν δήμων εἶναι ἐφικτή. Ὁ κ. Τριανταφυλλίδης, ἐκπρόσωπος τοῦ ΚΤΕΛ, ἐδήλωσεν ὅτι τὰ λεωφορεῖα τοῦ ταμείου εἶναι διαθέσιμα νὰ ἐξυπηρετήσουν τὰς γραμμὰς τῶν συνοικισμῶν.

ΔΙΑ ΓΙΓΑΝΤΙΑΙΟΥ ΠΥΡΑΥΛΟΥ "ΤΙΤΑΝ"

«Αὐροβατικὸς» δορυφόρος ἐξετοξεύθη ἐπιτυχῶς ὑπὸ τῶν Ἡνωμ. Πολιτειῶν

ΘΑ ΜΕΤΑΒΑΛΗ ΠΟΛΛΑΚΙΣ ΤΡΟΧΙΑΝ ΚΑΤΑ ΤΗΝ ΔΙΑΡΚΕΙΑΝ ΤΗΣ ΠΤΗΣΕΩΣ

ΑΚΡΩΤΗΡΙΟΝ ΚΕΝΝΕΔΥ, 11. (Ἀσ. Πρὲς).— Αἱ Ἀμερικανικαὶ ἀεροπορικαὶ δυνάμεις ἐξετόξευσαν σήμερον ἐπιτυχῶς ἕνα νέον δορυφόρον διὰ γιγαντιαίου πυραύλου "Τιτάν". Ὁ δορυφόρος, ὁ ὁποῖος χαρακτηρίζεται ὡς "ἀκροβατικός", θὰ μεταβάλῃ πολλάκις τροχιὰν κατὰ τὴν διάρκειαν τῆς πτήσεως, κατόπιν ἐντολῶν ἀπὸ τοῦ ἐδάφους.

ΑΙ ΔΟΚΙΜΑΙ ΤΟΥ

Τὸ πρόγραμμα δοκιμῶν θὰ διαρκέσῃ δύο ἑβδομάδας, κατὰ τὴν διάρκειαν τῶν ὁποίων θὰ ἐλεγχθοῦν ὅλα τὰ συστήματα τοῦ δορυφόρου.

ΑΚΡΩΤΗΡΙΟΝ ΚΕΝΝΕΔΥ, 11. (Ἀσ. Πρὲς).— Αἱ Ἀμερικανικαὶ ἀεροπορικαὶ δυνάμεις ἐξετόξευσαν σήμερον ἐπιτυχῶς ἕνα νέον δορυφόρον διὰ γιγαντιαίου πυραύλου "Τιτάν". Ὁ δορυφόρος, ὁ ὁποῖος χαρακτηρίζεται ὡς "ἀκροβατικός", θὰ μεταβάλῃ πολλάκις τροχιὰν κατὰ τὴν διάρκειαν τῆς πτήσεως, κατόπιν ἐντολῶν ἀπὸ τοῦ ἐδάφους.

ΣΥΜΦΩΝΙΑ ΓΥΝΑΙΚΩΝ

ΧΙΟΥΣΤΟΝ, Τέξας, 11. (Ρώυτερ).— Τὸ κέντρον ἐπανδρωμένων διαστημικῶν πτήσεων ἀνεκοίνωσεν ὅτι αἱ προετοιμασίαι διὰ τὴν νέαν πτῆσιν διαστημοπλοίου "Τζέμινι" προχωροῦν κανονικῶς.

ΥΠΟ ΤΗΣ ΑΣΤΥΝΟΜΙΑΣ ΤΗΣ ΑΛΑΜΠΑΜΑ

ΑΝΗΛΙΚΟΙ ΝΕΓΡΟΙ ΥΠΕΧΡΕΩΘΗΣΑΝ ΝΑ ΔΙΑΝΥΣΟΥΝ ΤΡΕΧΟΝΤΕΣ ΠΛΕΟΝ ΤΩΝ ΤΕΣΣΑΡΩΝ ΧΙΛΙΟΜΕΤΡΩΝ

ΩΜΟΙΑΖΑΝ ΜΕ ΚΥΝΗΓΗΜΕΝΑ ΑΓΡΙΑ ΖΩΑ.— Η ΗΛΙΚΙΑ ΤΩΝ ΕΚΥΜΑΙΝΕΤΟ ΜΕΤΑΞΥ 9—17 ΕΤΩΝ.— ΔΙΕΤΑΧΘΗ ΔΙΕΞΑΓΩΓΗ ΑΝΑΚΡΙΣΕΩΝ

ΣΕΛΜΑ, Ἀλαμπάμα, 11. (Ἡν. Τύπος).— Ὁ σερίφης τοῦ Σέλμα Τζὶμ Κλάρκ καὶ οἱ βοηθοί του ἐξηνάγκασαν περίπου 170 νέγρους, κυρίως μαθητάς, νὰ τρέξουν ἐπὶ ἀποστάσιν πλέον τῶν τεσσάρων χιλιομέτρων, ἔξω τῆς πόλεως. Οἱ νέγροι, ἡλικίας μεταξὺ 9 καὶ 17 ἐτῶν, εἶχον συγκεντρωθῆ πρὸ τοῦ δικαστηρίου, διαμαρτυρόμενοι διὰ τὰς διακρίσεις εἰς τὰς ἐκλογάς. Αὐτόπται μάρτυρες ἐδήλωσαν ὅτι τὰ παιδιὰ ὡμοίαζαν μὲ κυνηγημένα ἄγρια ζῷα. Ὁ ὑπουργὸς Δικαιοσύνης διέταξε τὴν διεξαγωγὴν ἀνακρίσεων.

ΣΕΛΜΑ, Ἀλαμπάμα, 11. (Ἡν. Τύπος).— Ὁ σερίφης τοῦ Σέλμα Τζὶμ Κλάρκ καὶ οἱ βοηθοί του ἐξηνάγκασαν περίπου 170 νέγρους, κυρίως μαθητάς, νὰ τρέξουν ἐπὶ ἀποστάσιν πλέον τῶν τεσσάρων χιλιομέτρων, ἔξω τῆς πόλεως. Οἱ νέγροι, ἡλικίας μεταξὺ 9 καὶ 17 ἐτῶν, εἶχον συγκεντρωθῆ πρὸ τοῦ δικαστηρίου, διαμαρτυρόμενοι διὰ τὰς διακρίσεις εἰς τὰς ἐκλογάς. Αὐτόπται μάρτυρες ἐδήλωσαν ὅτι τὰ παιδιὰ ὡμοίαζαν μὲ κυνηγημένα ἄγρια ζῷα. Ὁ ὑπουργὸς Δικαιοσύνης διέταξε τὴν διεξαγωγὴν ἀνακρίσεων.

Ὁ δρ Μάρτιν Λοῦθερ Κίνγκ ἐχαρακτήρισε τὴν πρᾶξιν ὡς "ἀπάνθρωπον" καὶ ἐζήτησε τὴν ἐπέμβασιν τῆς ὁμοσπονδιακῆς κυβερνήσεως διὰ τὴν προστασίαν τῶν διαδηλωτῶν.

Ἀπεφάσισε τὸ ὑπουργικὸν συμβούλιον

Ὀρθὴ ἡ ἀκολουθηθεῖσα τακτικὴ εἰς τὸ θέμα τῶν ἰατρῶν τοῦ ΙΚΑ

Βάσει τῆς σειρᾶς τῶν αἰτήσεων ἀπὸ ἐγγραφῆς καὶ ἐκλογῆς νέων

ΑΘΗΝΑΙ, 11.— Τὸ ὑπουργικὸν συμβούλιον, συνελθὸν ὑπὸ τὴν προεδρίαν τοῦ πρωθυπουργοῦ κ. Παπανδρέου, ἀπεφάνθη ὅτι ὀρθὴ εἶναι ἡ ἀκολουθηθεῖσα τακτικὴ εἰς τὸ θέμα τῆς προσλήψεως τῶν ἰατρῶν τοῦ ΙΚΑ. Αἱ προσλήψεις θὰ γίνωνται βάσει τῆς σειρᾶς προτεραιότητος τῶν αἰτήσεων ποὺ ἔχουν ὑποβληθῆ, ἐνῷ ἡ ἐκλογὴ νέων ἰατρῶν θὰ γίνεται κατόπιν διαγωνισμοῦ.

ΑΘΗΝΑΙ, 11.— Τὸ ὑπουργικὸν συμβούλιον, συνελθὸν ὑπὸ τὴν προεδρίαν τοῦ πρωθυπουργοῦ κ. Παπανδρέου, ἀπεφάνθη ὅτι ὀρθὴ εἶναι ἡ ἀκολουθηθεῖσα τακτικὴ εἰς τὸ θέμα τῆς προσλήψεως τῶν ἰατρῶν τοῦ ΙΚΑ. Αἱ προσλήψεις θὰ γίνωνται βάσει τῆς σειρᾶς προτεραιότητος τῶν αἰτήσεων ποὺ ἔχουν ὑποβληθῆ, ἐνῷ ἡ ἐκλογὴ νέων ἰατρῶν θὰ γίνεται κατόπιν διαγωνισμοῦ.

ΑΝΕΥΡΑΣΙΝ ΚΟΥΡΣΑ

ΚΑΒΑΛΑ, 11.— Τὸ ὑπ' ἀριθμὸν 99300 Ι.Χ. ἐπιβατηγὸν αὐτοκίνητον, τὸ ὁποῖον εἶχε κλαπῆ πρὸ ἡμερῶν, ἀνευρέθη ὑπὸ τῆς ἀστυνομίας εἰς περιοχὴν ἔξω τῆς πόλεως.
